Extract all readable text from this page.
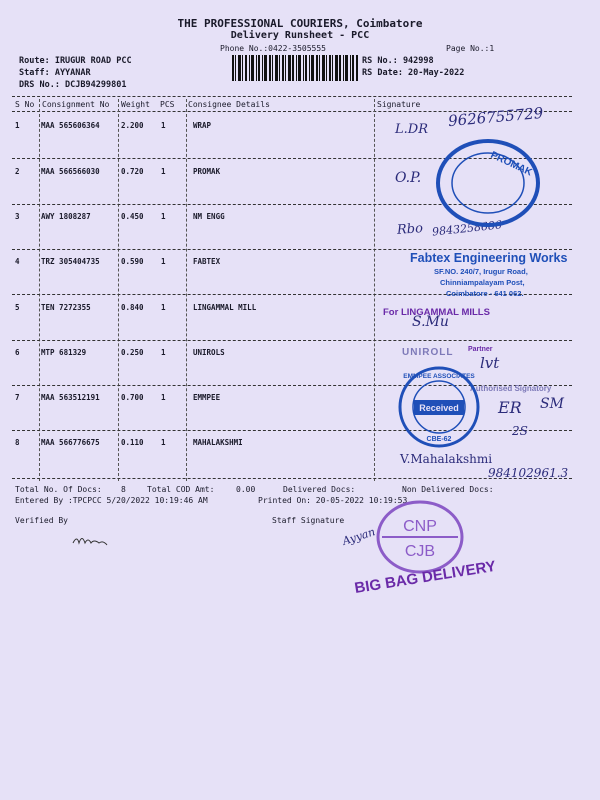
THE PROFESSIONAL COURIERS, Coimbatore
Delivery Runsheet - PCC
Phone No.:0422-3505555	Page No.:1
Route: IRUGUR ROAD PCC
Staff: AYYANAR
DRS No.: DCJB94299801
RS No.: 942998
RS Date: 20-May-2022
S No Consignment No Weight PCS Consignee Details	Signature
1	MAA 565606364	2.200 1	WRAP
2	MAA 566566030	0.720 1	PROMAK
3	AWY 1808287	0.450 1	NM ENGG
4	TRZ 305404735	0.590 1	FABTEX
5	TEN 7272355	0.840 1	LINGAMMAL MILL
6	MTP 681329	0.250 1	UNIROLS
7	MAA 563512191	0.700 1	EMMPEE
8	MAA 566776675	0.110 1	MAHALAKSHMI
Total No. Of Docs: 8	Total COD Amt:	0.00	Delivered Docs:	Non Delivered Docs:
Entered By :TPCPCC 5/20/2022 10:19:46 AM	Printed On: 20-05-2022 10:19:53
Verified By	Staff Signature
L.DR 9626755729
O.P.
Rbo 9843258686
PROMAK
Fabtex Engineering Works
SF.NO. 240/7, Irugur Road,
Chinniampalayam Post,
Coimbatore - 641 062.
For LINGAMMAL MILLS
S.Mu
UNIROLL Partner
lvt
Authorised Signatory
EMMPEE ASSOCIATES
Received
CBE-62
ER SM
2S
V.Mahalakshmi
984102961.3
CNP
CJB
Ayyan
BIG BAG DELIVERY
